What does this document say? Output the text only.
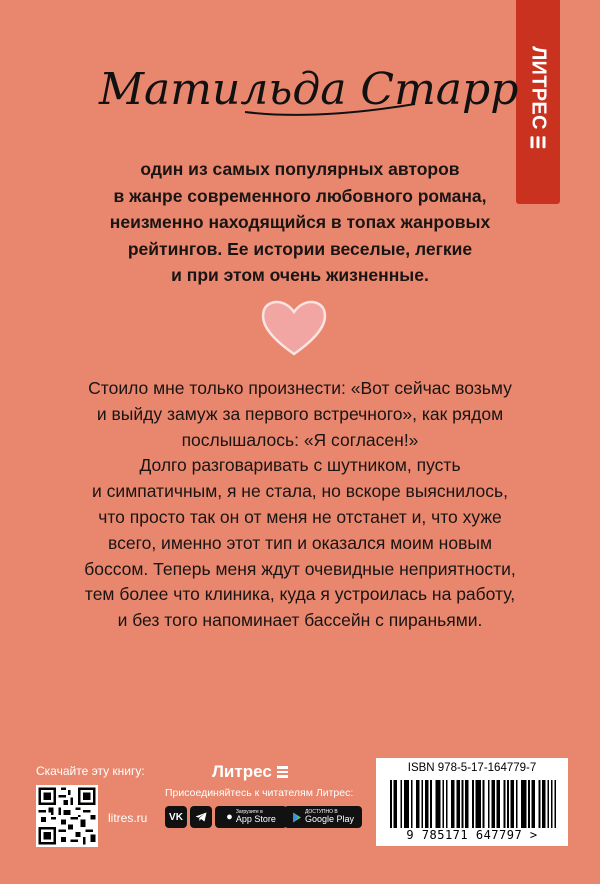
ЛИТРЕС
Матильда Старр
один из самых популярных авторов
в жанре современного любовного романа,
неизменно находящийся в топах жанровых
рейтингов. Ее истории веселые, легкие
и при этом очень жизненные.
Стоило мне только произнести: «Вот сейчас возьму
и выйду замуж за первого встречного», как рядом
послышалось: «Я согласен!»
Долго разговаривать с шутником, пусть
и симпатичным, я не стала, но вскоре выяснилось,
что просто так он от меня не отстанет и, что хуже
всего, именно этот тип и оказался моим новым
боссом. Теперь меня ждут очевидные неприятности,
тем более что клиника, куда я устроилась на работу,
и без того напоминает бассейн с пираньями.
Скачайте эту книгу:
litres.ru
Литрес
Присоединяйтесь к читателям Литрес:
VK	● Загрузите в
App Store
ДОСТУПНО В
Google Play
ISBN 978-5-17-164779-7
9 785171 647797 >
